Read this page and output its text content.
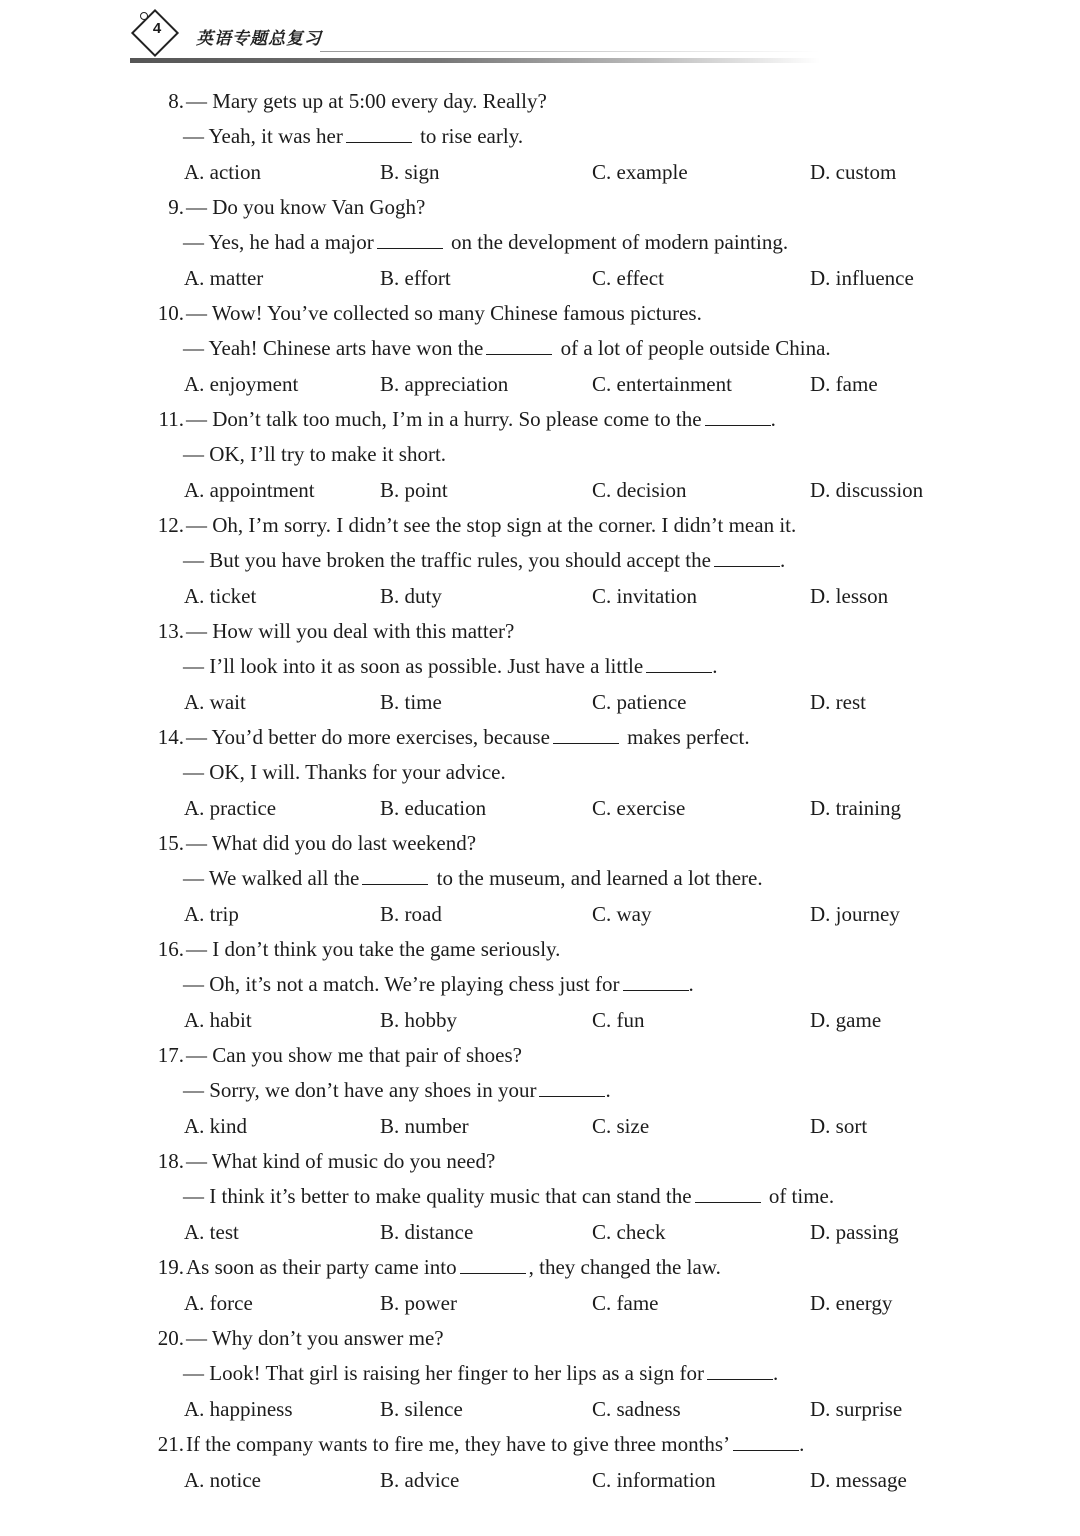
4
英语专题总复习
8.— Mary gets up at 5:00 every day. Really?
— Yeah, it was her	to rise early.
A. action	B. sign	C. example	D. custom
9.— Do you know Van Gogh?
— Yes, he had a major	on the development of modern painting.
A. matter	B. effort	C. effect	D. influence
10.— Wow! You’ve collected so many Chinese famous pictures.
— Yeah! Chinese arts have won the	of a lot of people outside China.
A. enjoyment	B. appreciation	C. entertainment	D. fame
11.— Don’t talk too much, I’m in a hurry. So please come to the	.
— OK, I’ll try to make it short.
A. appointment	B. point	C. decision	D. discussion
12.— Oh, I’m sorry. I didn’t see the stop sign at the corner. I didn’t mean it.
— But you have broken the traffic rules, you should accept the	.
A. ticket	B. duty	C. invitation	D. lesson
13.— How will you deal with this matter?
— I’ll look into it as soon as possible. Just have a little	.
A. wait	B. time	C. patience	D. rest
14.— You’d better do more exercises, because	makes perfect.
— OK, I will. Thanks for your advice.
A. practice	B. education	C. exercise	D. training
15.— What did you do last weekend?
— We walked all the	to the museum, and learned a lot there.
A. trip	B. road	C. way	D. journey
16.— I don’t think you take the game seriously.
— Oh, it’s not a match. We’re playing chess just for	.
A. habit	B. hobby	C. fun	D. game
17.— Can you show me that pair of shoes?
— Sorry, we don’t have any shoes in your	.
A. kind	B. number	C. size	D. sort
18.— What kind of music do you need?
— I think it’s better to make quality music that can stand the	of time.
A. test	B. distance	C. check	D. passing
19.As soon as their party came into	, they changed the law.
A. force	B. power	C. fame	D. energy
20.— Why don’t you answer me?
— Look! That girl is raising her finger to her lips as a sign for	.
A. happiness	B. silence	C. sadness	D. surprise
21.If the company wants to fire me, they have to give three months’	.
A. notice	B. advice	C. information	D. message
